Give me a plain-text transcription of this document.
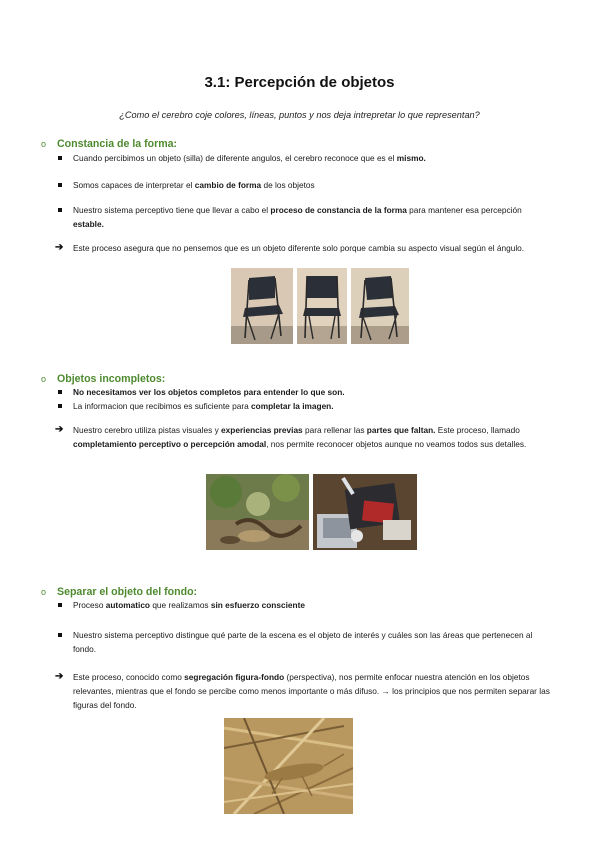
3.1: Percepción de objetos
¿Como el cerebro coje colores, líneas, puntos y nos deja intrepretar lo que representan?
o Constancia de la forma:
Cuando percibimos un objeto (silla) de diferente angulos, el cerebro reconoce que es el mismo.
Somos capaces de interpretar el cambio de forma de los objetos
Nuestro sistema perceptivo tiene que llevar a cabo el proceso de constancia de la forma para mantener esa percepción estable.
➔ Este proceso asegura que no pensemos que es un objeto diferente solo porque cambia su aspecto visual según el ángulo.
o Objetos incompletos:
No necesitamos ver los objetos completos para entender lo que son.
La informacion que recibimos es suficiente para completar la imagen.
➔ Nuestro cerebro utiliza pistas visuales y experiencias previas para rellenar las partes que faltan. Este proceso, llamado completamiento perceptivo o percepción amodal, nos permite reconocer objetos aunque no veamos todos sus detalles.
o Separar el objeto del fondo:
Proceso automatico que realizamos sin esfuerzo consciente
Nuestro sistema perceptivo distingue qué parte de la escena es el objeto de interés y cuáles son las áreas que pertenecen al fondo.
➔ Este proceso, conocido como segregación figura-fondo (perspectiva), nos permite enfocar nuestra atención en los objetos relevantes, mientras que el fondo se percibe como menos importante o más difuso. → los principios que nos permiten separar las figuras del fondo.
